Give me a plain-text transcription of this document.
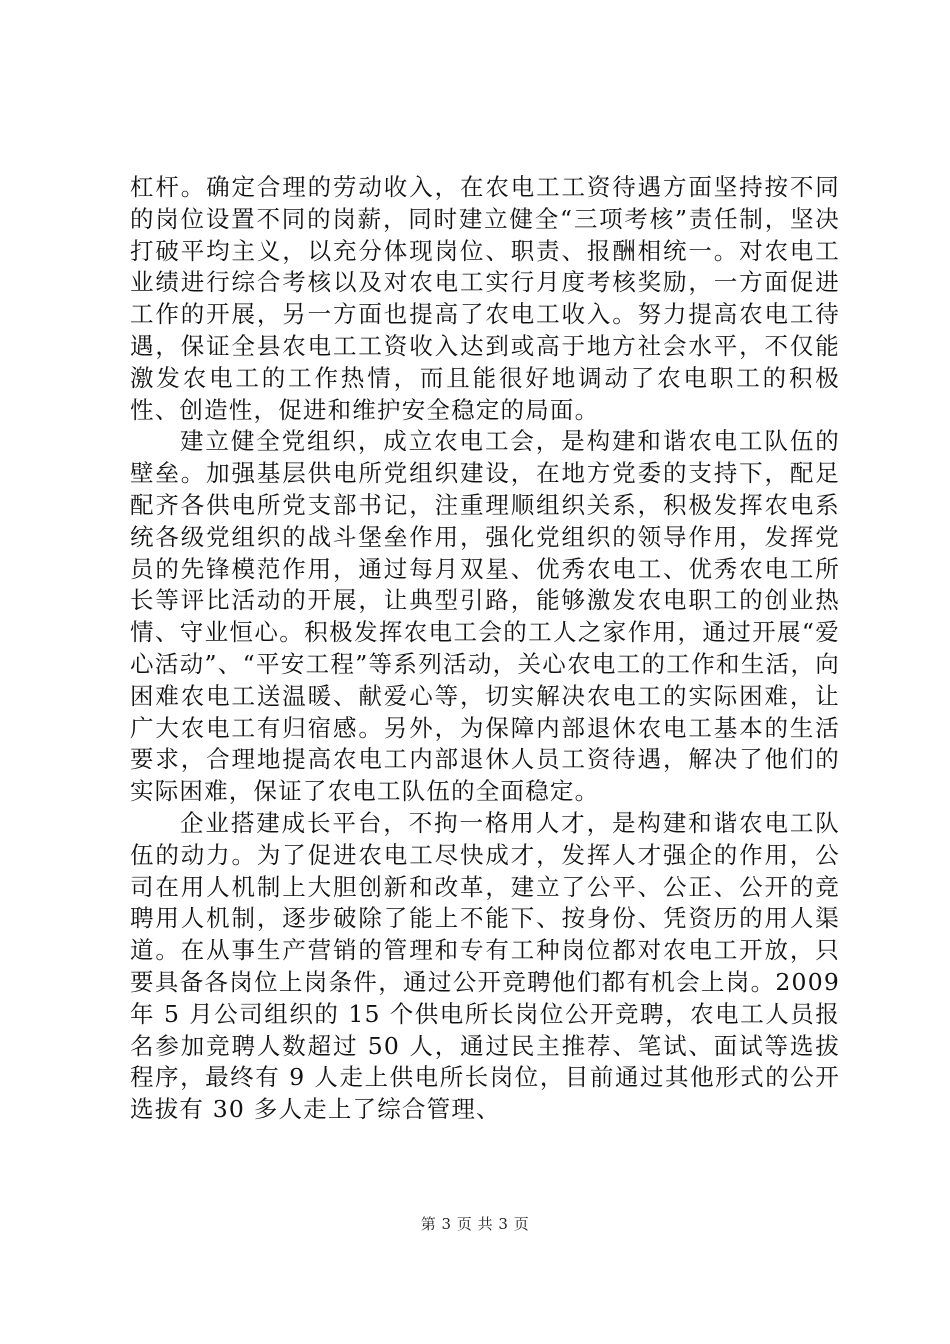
杠杆。确定合理的劳动收入，在农电工工资待遇方面坚持按不同的岗位设置不同的岗薪，同时建立健全“三项考核”责任制，坚决打破平均主义，以充分体现岗位、职责、报酬相统一。对农电工业绩进行综合考核以及对农电工实行月度考核奖励，一方面促进工作的开展，另一方面也提高了农电工收入。努力提高农电工待遇，保证全县农电工工资收入达到或高于地方社会水平，不仅能激发农电工的工作热情，而且能很好地调动了农电职工的积极性、创造性，促进和维护安全稳定的局面。

建立健全党组织，成立农电工会，是构建和谐农电工队伍的壁垒。加强基层供电所党组织建设，在地方党委的支持下，配足配齐各供电所党支部书记，注重理顺组织关系，积极发挥农电系统各级党组织的战斗堡垒作用，强化党组织的领导作用，发挥党员的先锋模范作用，通过每月双星、优秀农电工、优秀农电工所长等评比活动的开展，让典型引路，能够激发农电职工的创业热情、守业恒心。积极发挥农电工会的工人之家作用，通过开展“爱心活动”、“平安工程”等系列活动，关心农电工的工作和生活，向困难农电工送温暖、献爱心等，切实解决农电工的实际困难，让广大农电工有归宿感。另外，为保障内部退休农电工基本的生活要求，合理地提高农电工内部退休人员工资待遇，解决了他们的实际困难，保证了农电工队伍的全面稳定。

企业搭建成长平台，不拘一格用人才，是构建和谐农电工队伍的动力。为了促进农电工尽快成才，发挥人才强企的作用，公司在用人机制上大胆创新和改革，建立了公平、公正、公开的竞聘用人机制，逐步破除了能上不能下、按身份、凭资历的用人渠道。在从事生产营销的管理和专有工种岗位都对农电工开放，只要具备各岗位上岗条件，通过公开竞聘他们都有机会上岗。2009 年 5 月公司组织的 15 个供电所长岗位公开竞聘，农电工人员报名参加竞聘人数超过 50 人，通过民主推荐、笔试、面试等选拔程序，最终有 9 人走上供电所长岗位，目前通过其他形式的公开选拔有 30 多人走上了综合管理、

第 3 页 共 3 页
